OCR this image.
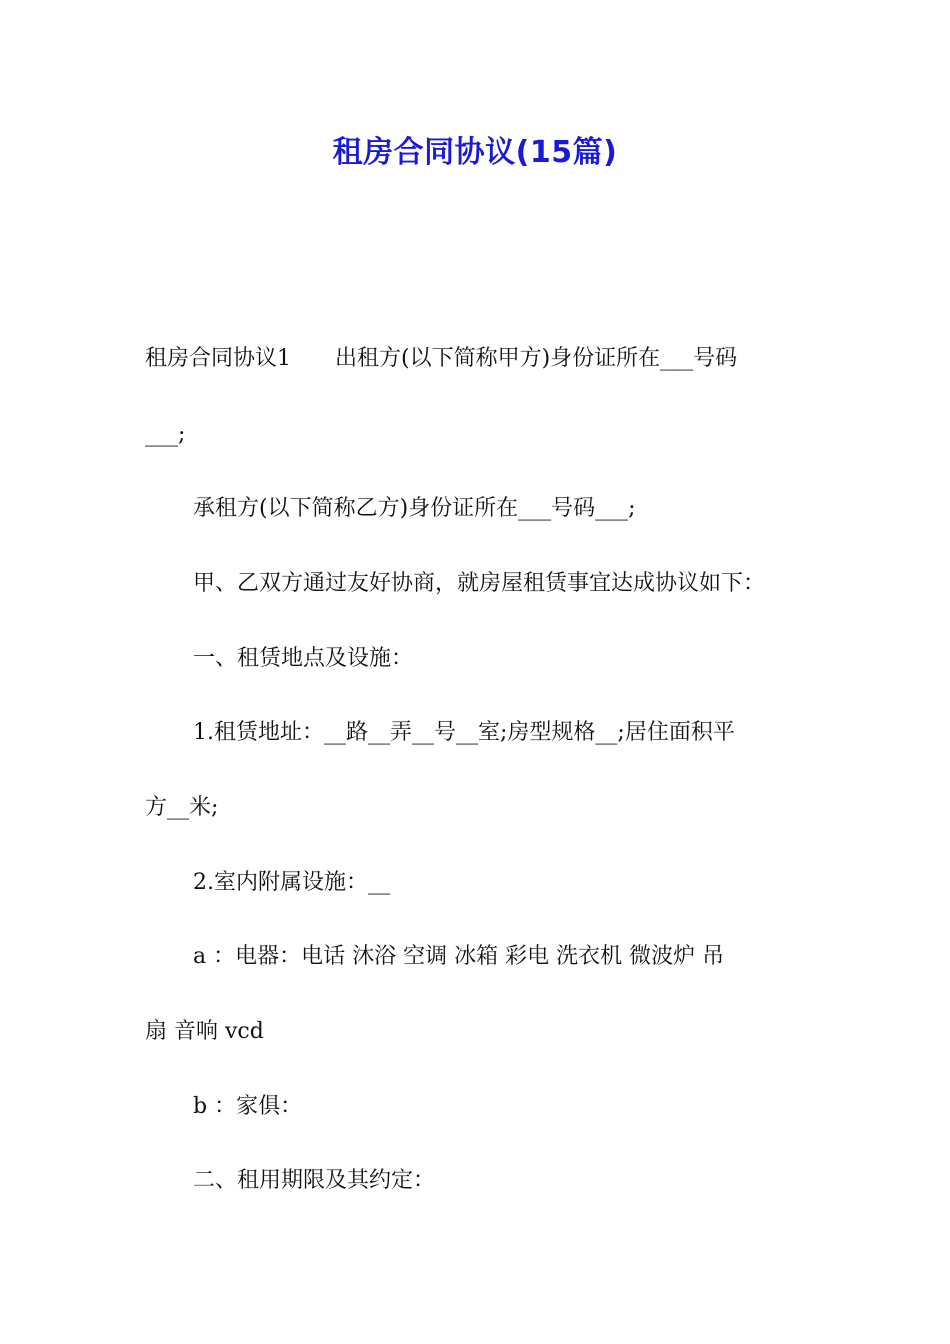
租房合同协议(15篇)

租房合同协议1　　出租方(以下简称甲方)身份证所在___号码

___;

承租方(以下简称乙方)身份证所在___号码___;

甲、乙双方通过友好协商，就房屋租赁事宜达成协议如下：

一、租赁地点及设施：

1.租赁地址：__路__弄__号__室;房型规格__;居住面积平

方__米;

2.室内附属设施：__

a ：电器：电话 沐浴 空调 冰箱 彩电 洗衣机 微波炉 吊

扇 音响 vcd

b ：家俱：

二、租用期限及其约定：
